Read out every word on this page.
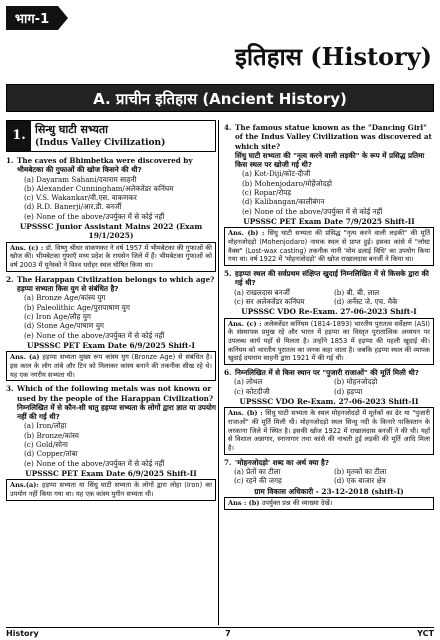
भाग-1
इतिहास (History)
A. प्राचीन इतिहास (Ancient History)
1. सिन्धु घाटी सभ्यता
(Indus Valley Civilization)
1. The caves of Bhimbetka were discovered by
भीमबेटका की गुफाओं की खोज किसने की थी?
(a) Dayaram Sahani/दयाराम साहनी
(b) Alexander Cunningham/अलेक्जेंडर कनिंघम
(c) V.S. Wakankar/वी.एस. वाकणकर
(d) R.D. Banerji/आर.डी. बनर्जी
(e) None of the above/उपर्युक्त में से कोई नहीं
UPSSSC Junior Assistant Mains 2022 (Exam 19/1/2025)
Ans. (c) : डॉ. विष्णु श्रीधर वाकणकर ने वर्ष 1957 में भीमबेटका की गुफाओं की खोज की। भीमबेटका गुफाएँ मध्य प्रदेश के रायसेन जिले में हैं। भीमबेटका गुफाओं को वर्ष 2003 में यूनेस्को ने विश्व धरोहर स्थल घोषित किया था।
2. The Harappan Civilization belongs to which age?
हड़प्पा सभ्यता किस युग से संबंधित है?
(a) Bronze Age/कांस्य युग
(b) Paleolithic Age/पुरापाषाण युग
(c) Iron Age/लौह युग
(d) Stone Age/पाषाण युग
(e) None of the above/उपर्युक्त में से कोई नहीं
UPSSSC PET Exam Date 6/9/2025 Shift-I
Ans. (a) हड़प्पा सभ्यता मुख्य रूप कांस्य युग (Bronze Age) से संबंधित है। इस काल के लोग तांबे और टिन को मिलाकर कांस्य बनाने की तकनीक सीख रहे थे। यह एक नगरीय सभ्यता थी।
3. Which of the following metals was not known or used by the people of the Harappan Civilization?
निम्नलिखित में से कौन-सी धातु हड़प्पा सभ्यता के लोगों द्वारा ज्ञात या उपयोग नहीं की गई थी?
(a) Iron/लोहा
(b) Bronze/कांस्य
(c) Gold/सोना
(d) Copper/तांबा
(e) None of the above/उपर्युक्त में से कोई नहीं
UPSSSC PET Exam Date 6/9/2025 Shift-II
Ans.(a): हड़प्पा सभ्यता या सिंधु घाटी सभ्यता के लोगों द्वारा लोहा (Iron) का उपयोग नहीं किया गया था। यह एक कांस्य युगीन सभ्यता थी।
4. The famous statue known as the "Dancing Girl" of the Indus Valley Civilization was discovered at which site?
सिंधु घाटी सभ्यता की "नृत्य करने वाली लड़की" के रूप में प्रसिद्ध प्रतिमा किस स्थल पर खोजी गई थी?
(a) Kot-Diji/कोट-दीजी
(b) Mohenjodaro/मोहेंजोदड़ो
(c) Ropar/रोपड़
(d) Kalibangan/कालीबंगन
(e) None of the above/उपर्युक्त में से कोई नहीं
UPSSSC PET Exam Date 7/9/2025 Shift-II
Ans. (b) : सिंधु घाटी सभ्यता की प्रसिद्ध "नृत्य करने वाली लड़की" की मूर्ति मोहनजोदड़ो (Mohenjodaro) नामक स्थल से प्राप्त हुई। इसका कांसे में "लॉस्ट वैक्स" (Lost-wax casting) तकनीक यानी 'मोम ढलाई विधि' का उपयोग किया गया था। वर्ष 1922 में 'मोहनजोदड़ो' की खोज राखालदास बनर्जी ने किया था।
5. हड़प्पा स्थल की सर्वप्रथम संक्षिप्त खुदाई निम्नलिखित में से किसके द्वारा की गई थी?
(a) राखलदास बनर्जी	(b) बी. बी. लाल
(c) सर अलेक्जेंडर कनिंघम	(d) अर्नेस्ट जे. एच. मैके
UPSSSC VDO Re-Exam. 27-06-2023 Shift-I
Ans. (c) : अलेक्जेंडर कनिंघम (1814-1893) भारतीय पुरातत्व सर्वेक्षण (ASI) के संस्थापक प्रमुख रहे और भारत में हड़प्पा का विस्तृत पुरातात्विक अध्ययन पर उपलब्ध कार्य यहाँ से मिलता है। उन्होंने 1853 में हड़प्पा की पहली खुदाई की। कनिंघम को भारतीय पुरातत्व का जनक कहा जाता है। जबकि हड़प्पा स्थल की व्यापक खुदाई दयाराम साहनी द्वारा 1921 में की गई थी।
6. निम्नलिखित में से किस स्थान पर "पुजारी राजाओं" की मूर्ति मिली थी?
(a) लोथल	(b) मोहनजोदड़ो
(c) कोटदीजी	(d) हड़प्पा
UPSSSC VDO Re-Exam. 27-06-2023 Shift-II
Ans. (b) : सिंधु घाटी सभ्यता के स्थल मोहनजोदड़ो में मूर्तकों का ढेर या "पुजारी राजाओं" की मूर्ति मिली थी। मोहनजोदड़ो स्थल सिन्धु नदी के किनारे पाकिस्तान के लरकाना जिले में स्थित है। इसकी खोज 1922 में राखालदास बनर्जी ने की थी। यहाँ से विशाल अन्नागार, स्नानागार तथा कांसे की नाचती हुई लड़की की मूर्ति आदि मिला है।
7. 'मोहनजोदड़ो' शब्द का अर्थ क्या है?
(a) प्रेतों का टीला	(b) मृतकों का टीला
(c) रहने की जगह	(d) एक बाजार क्षेत्र
ग्राम विकास अधिकारी - 23-12-2018 (shift-I)
Ans : (b) उपर्युक्त प्रश्न की व्याख्या देखें।
History	7	YCT
